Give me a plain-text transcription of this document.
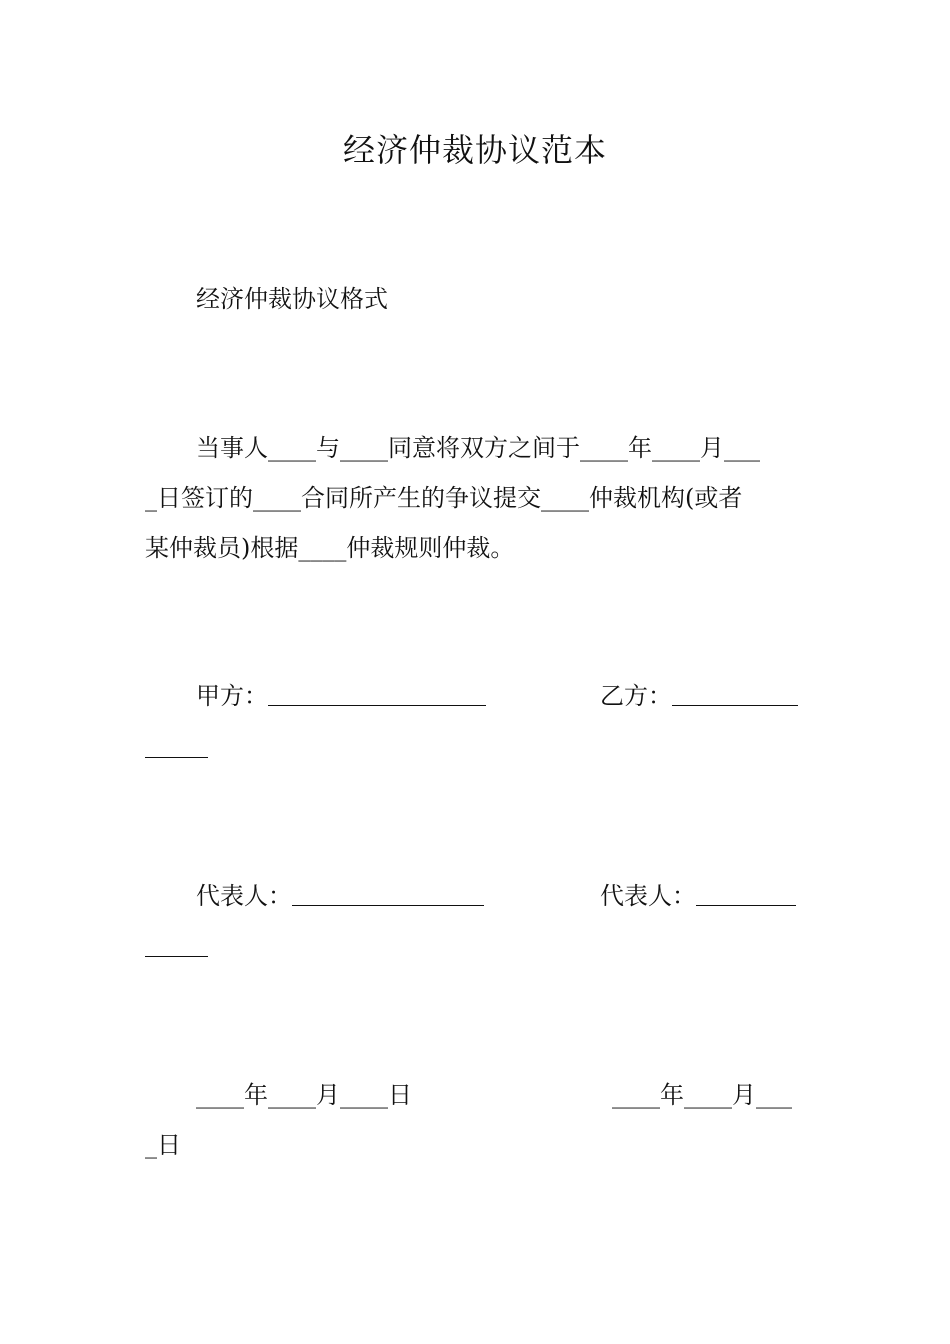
经济仲裁协议范本
经济仲裁协议格式
当事人____与____同意将双方之间于____年____月___
_日签订的____合同所产生的争议提交____仲裁机构(或者
某仲裁员)根据____仲裁规则仲裁。
甲方：	乙方：
代表人：	代表人：
____年____月____日	____年____月___
_日
